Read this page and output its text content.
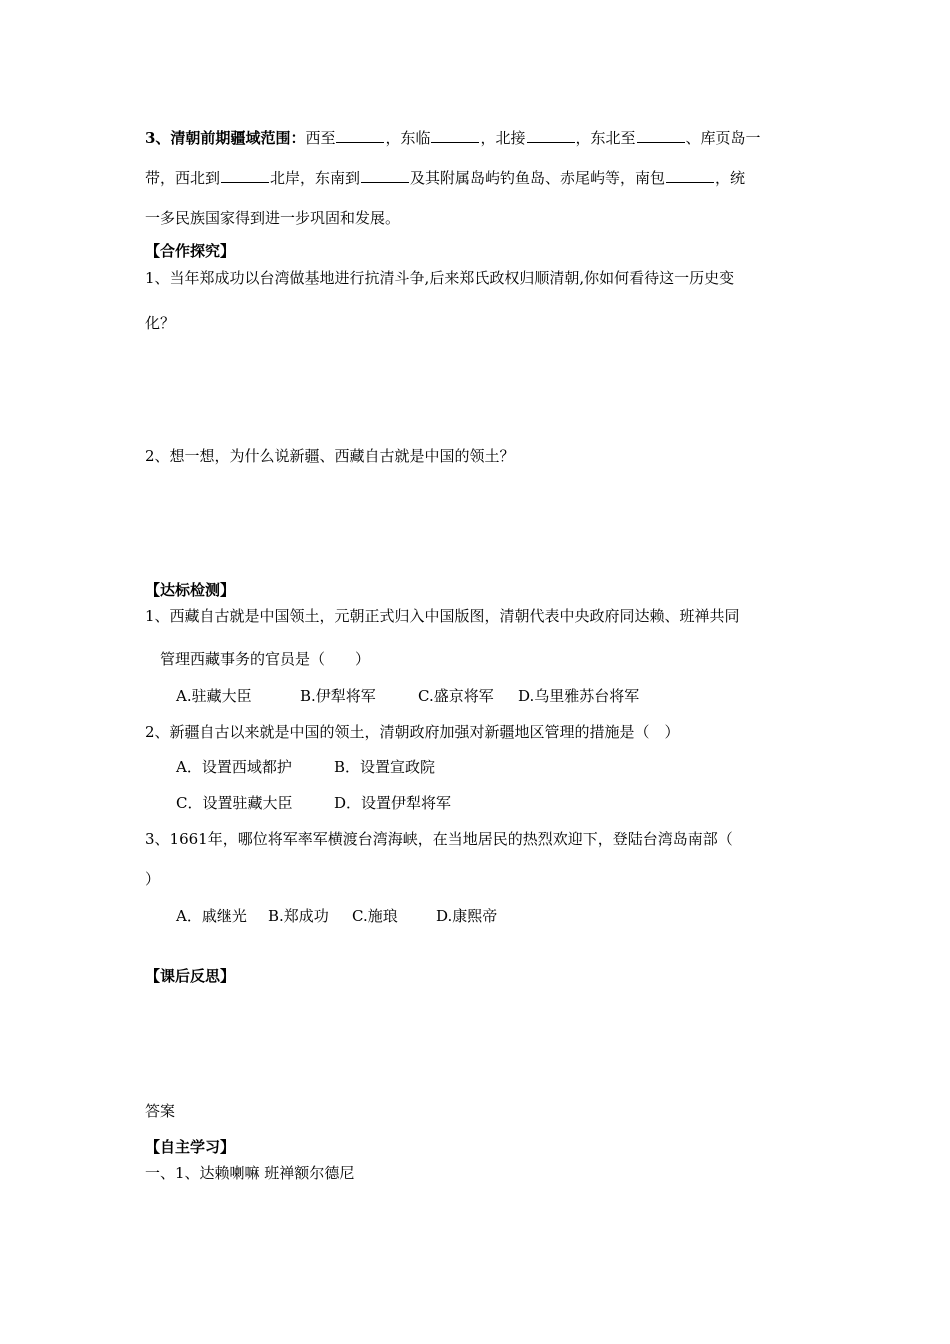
3、清朝前期疆域范围：西至	，东临	，北接	，东北至	、库页岛一
带，西北到	北岸，东南到	及其附属岛屿钓鱼岛、赤尾屿等，南包	，统
一多民族国家得到进一步巩固和发展。
【合作探究】
1、当年郑成功以台湾做基地进行抗清斗争,后来郑氏政权归顺清朝,你如何看待这一历史变
化？
2、想一想，为什么说新疆、西藏自古就是中国的领土？
【达标检测】
1、西藏自古就是中国领土，元朝正式归入中国版图，清朝代表中央政府同达赖、班禅共同
管理西藏事务的官员是（　　）
A.驻藏大臣	B.伊犁将军	C.盛京将军 D.乌里雅苏台将军
2、新疆自古以来就是中国的领土，清朝政府加强对新疆地区管理的措施是（　）
A．设置西域都护	B．设置宣政院
C．设置驻藏大臣	D．设置伊犁将军
3、1661年，哪位将军率军横渡台湾海峡，在当地居民的热烈欢迎下，登陆台湾岛南部（
）
A．戚继光 B.郑成功 C.施琅	D.康熙帝
【课后反思】
答案
【自主学习】
一、1、达赖喇嘛 班禅额尔德尼
